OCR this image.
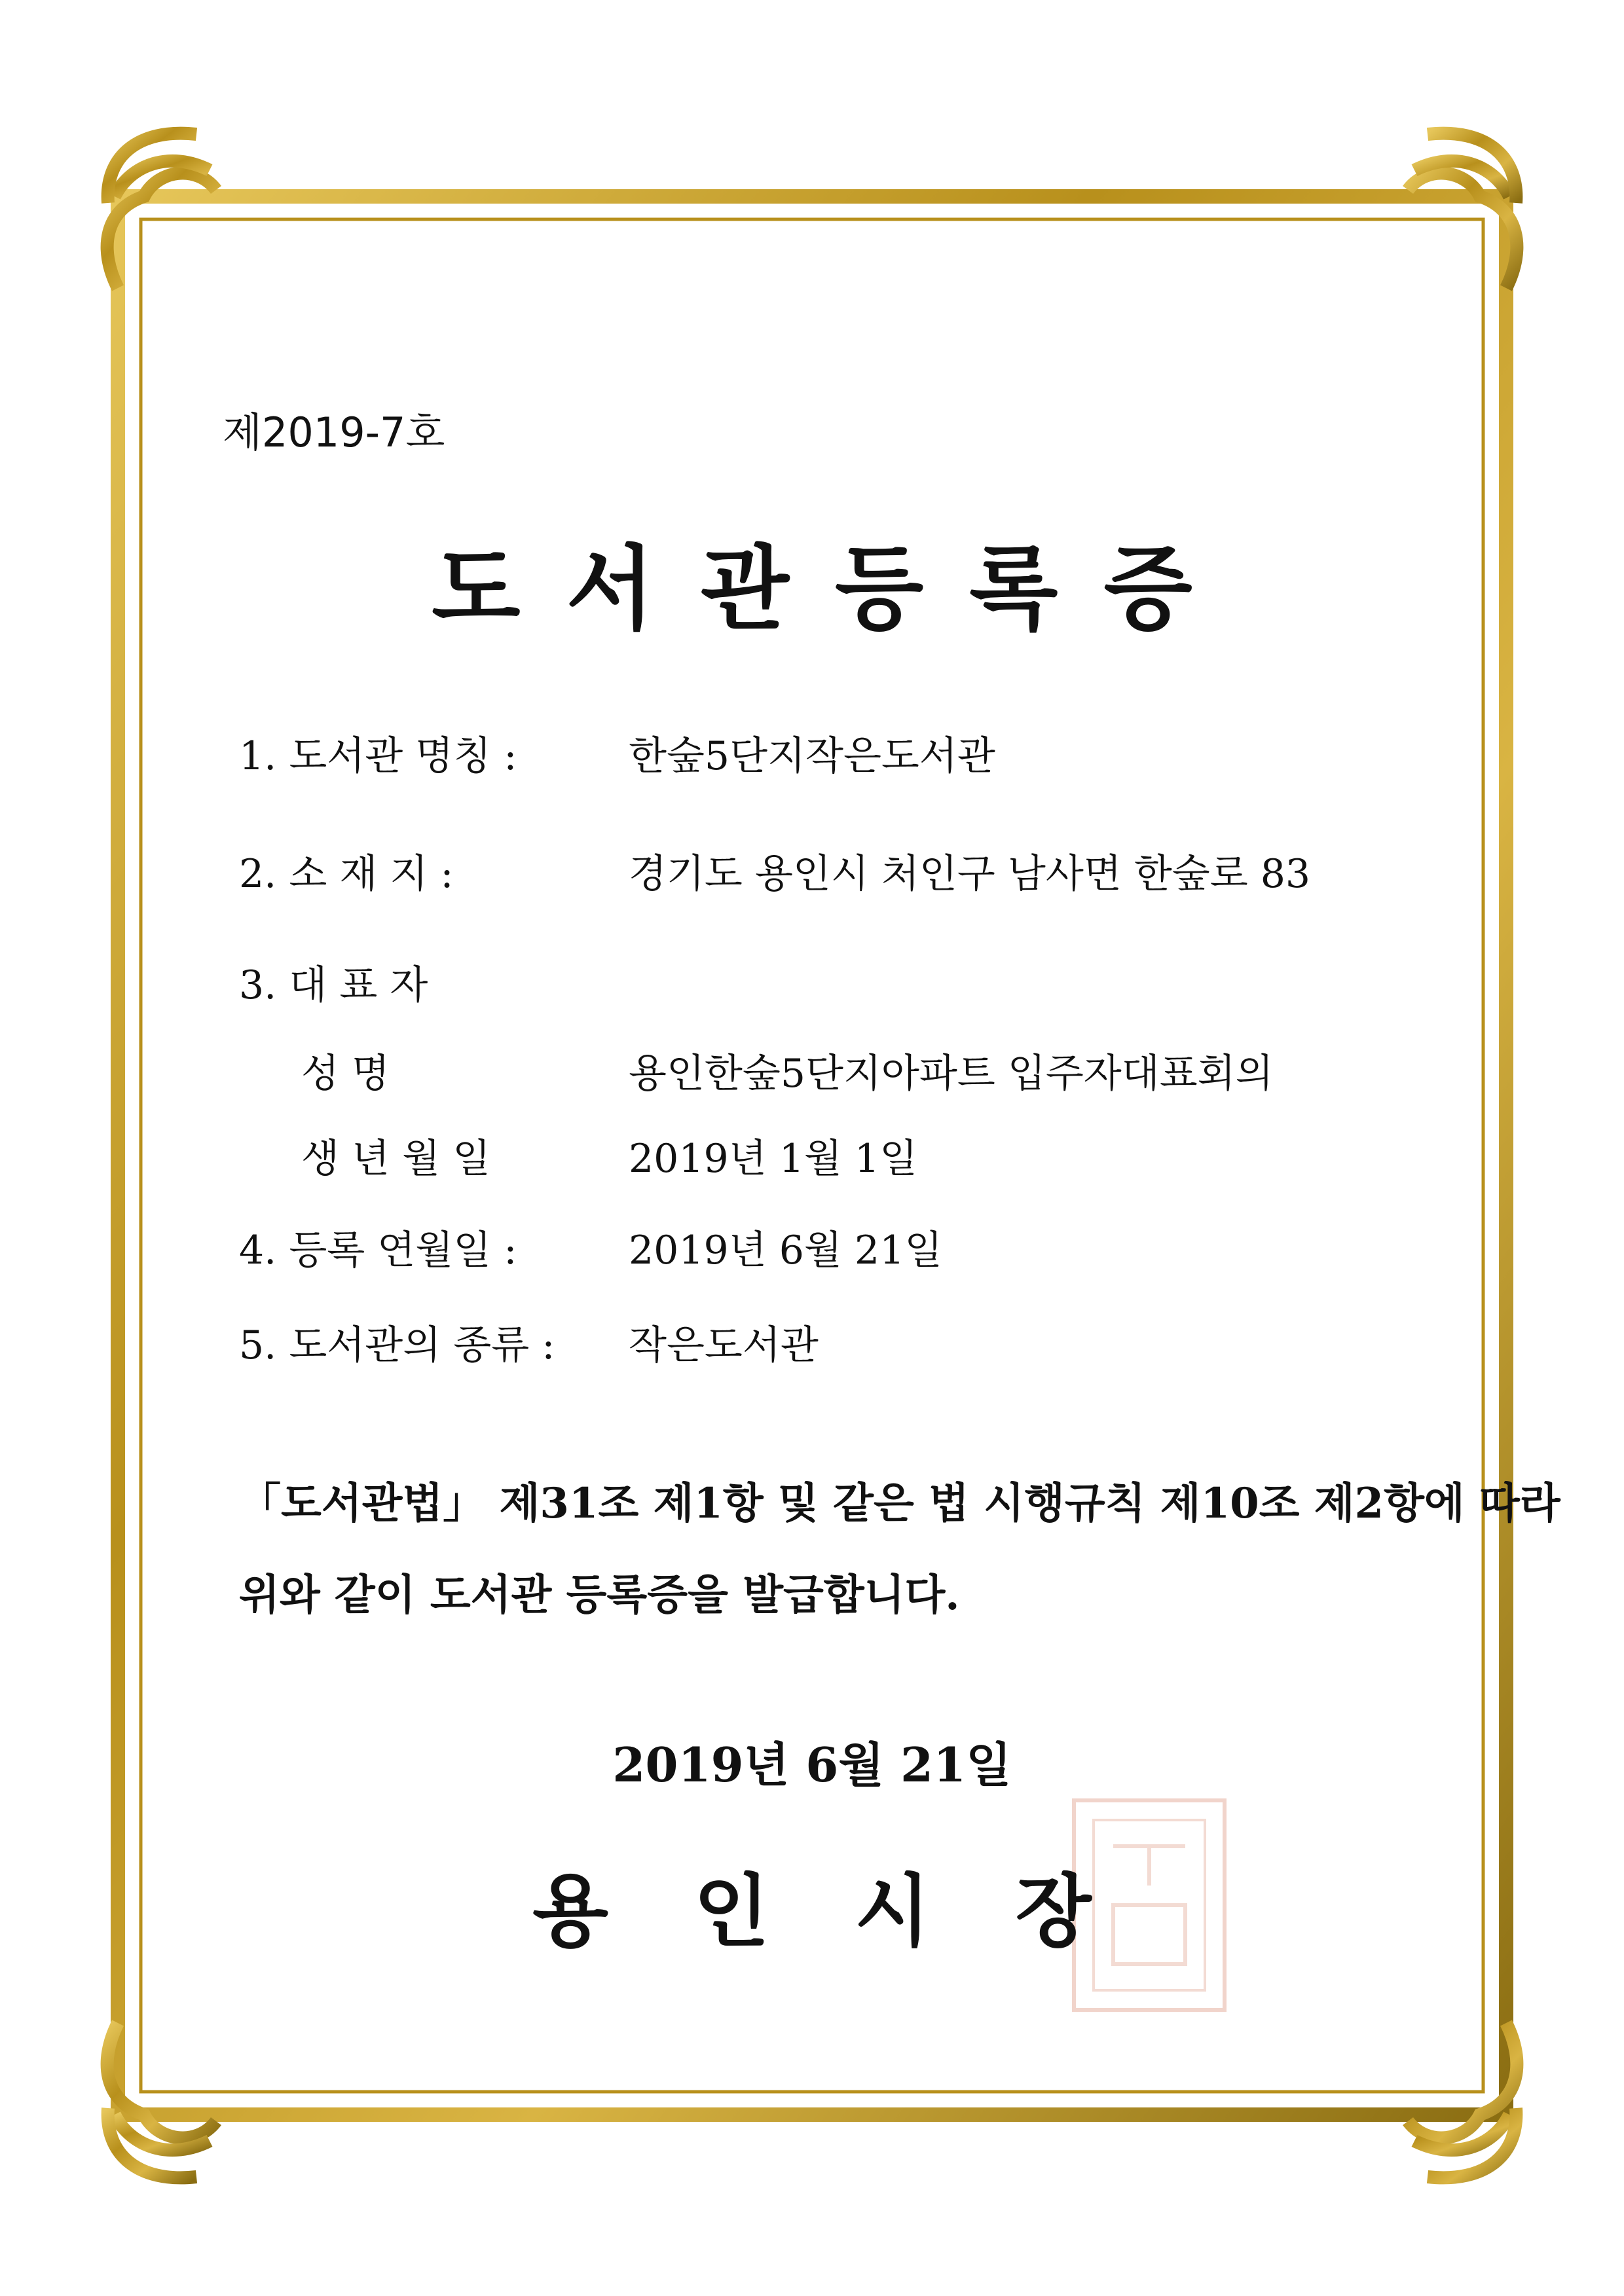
제2019-7호
도서관등록증
1. 도서관 명칭 :	한숲5단지작은도서관
2. 소 재 지 :	경기도 용인시 처인구 남사면 한숲로 83
3. 대 표 자
성 명	용인한숲5단지아파트 입주자대표회의
생 년 월 일	2019년 1월 1일
4. 등록 연월일 :	2019년 6월 21일
5. 도서관의 종류 : 작은도서관
「도서관법」 제31조 제1항 및 같은 법 시행규칙 제10조 제2항에 따라
위와 같이 도서관 등록증을 발급합니다.
2019년 6월 21일
용인시장
